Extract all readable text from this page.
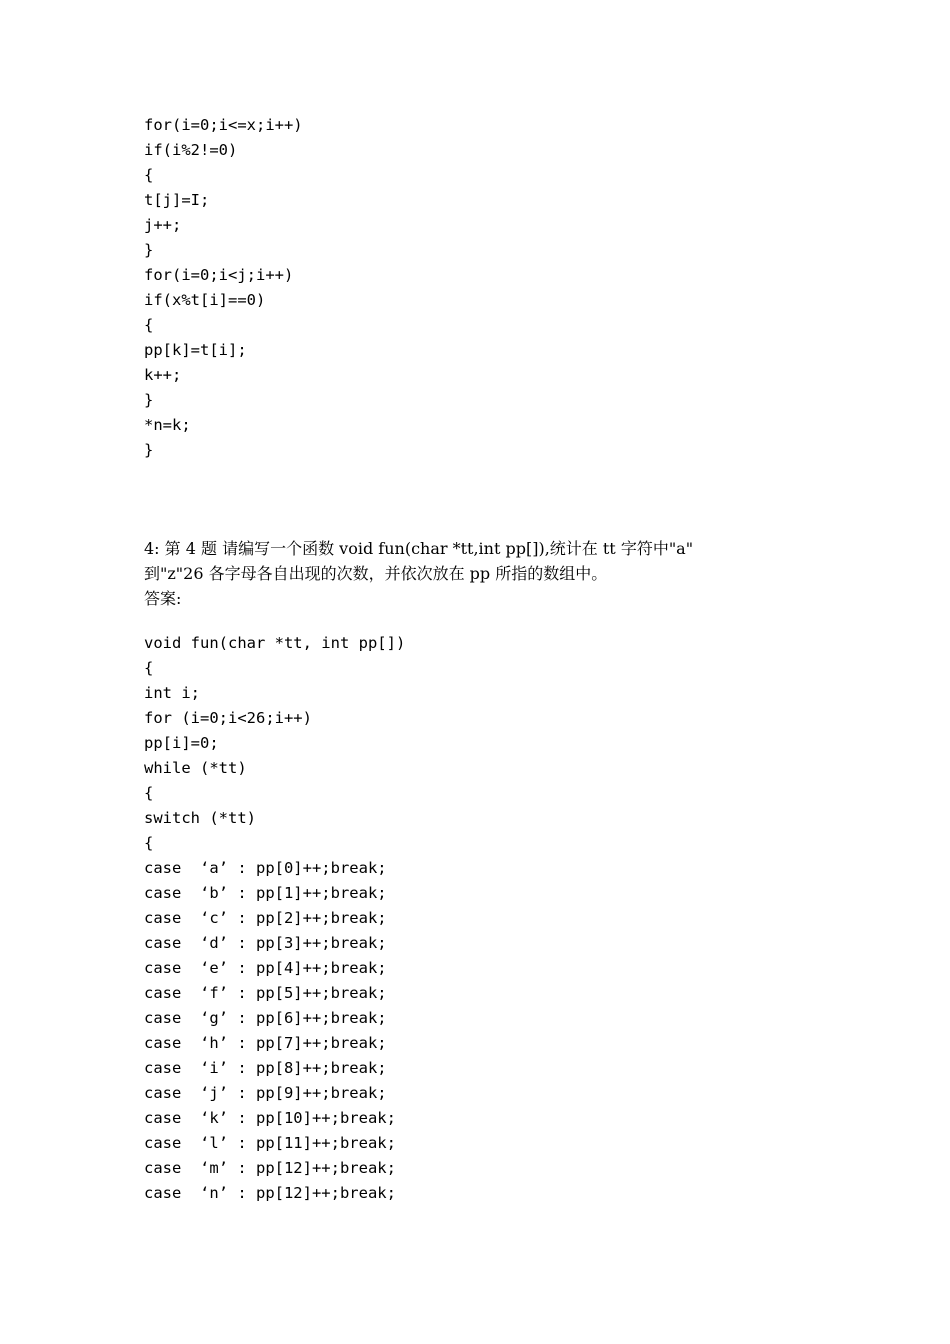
for(i=0;i<=x;i++)
if(i%2!=0)
{
t[j]=I;
j++;
}
for(i=0;i<j;i++)
if(x%t[i]==0)
{
pp[k]=t[i];
k++;
}
*n=k;
}
4: 第 4 题 请编写一个函数 void fun(char *tt,int pp[]),统计在 tt 字符中"a"
到"z"26 各字母各自出现的次数，并依次放在 pp 所指的数组中。
答案:
void fun(char *tt, int pp[])
{
int i;
for (i=0;i<26;i++)
pp[i]=0;
while (*tt)
{
switch (*tt)
{
case  ‘a’ : pp[0]++;break;
case  ‘b’ : pp[1]++;break;
case  ‘c’ : pp[2]++;break;
case  ‘d’ : pp[3]++;break;
case  ‘e’ : pp[4]++;break;
case  ‘f’ : pp[5]++;break;
case  ‘g’ : pp[6]++;break;
case  ‘h’ : pp[7]++;break;
case  ‘i’ : pp[8]++;break;
case  ‘j’ : pp[9]++;break;
case  ‘k’ : pp[10]++;break;
case  ‘l’ : pp[11]++;break;
case  ‘m’ : pp[12]++;break;
case  ‘n’ : pp[12]++;break;
